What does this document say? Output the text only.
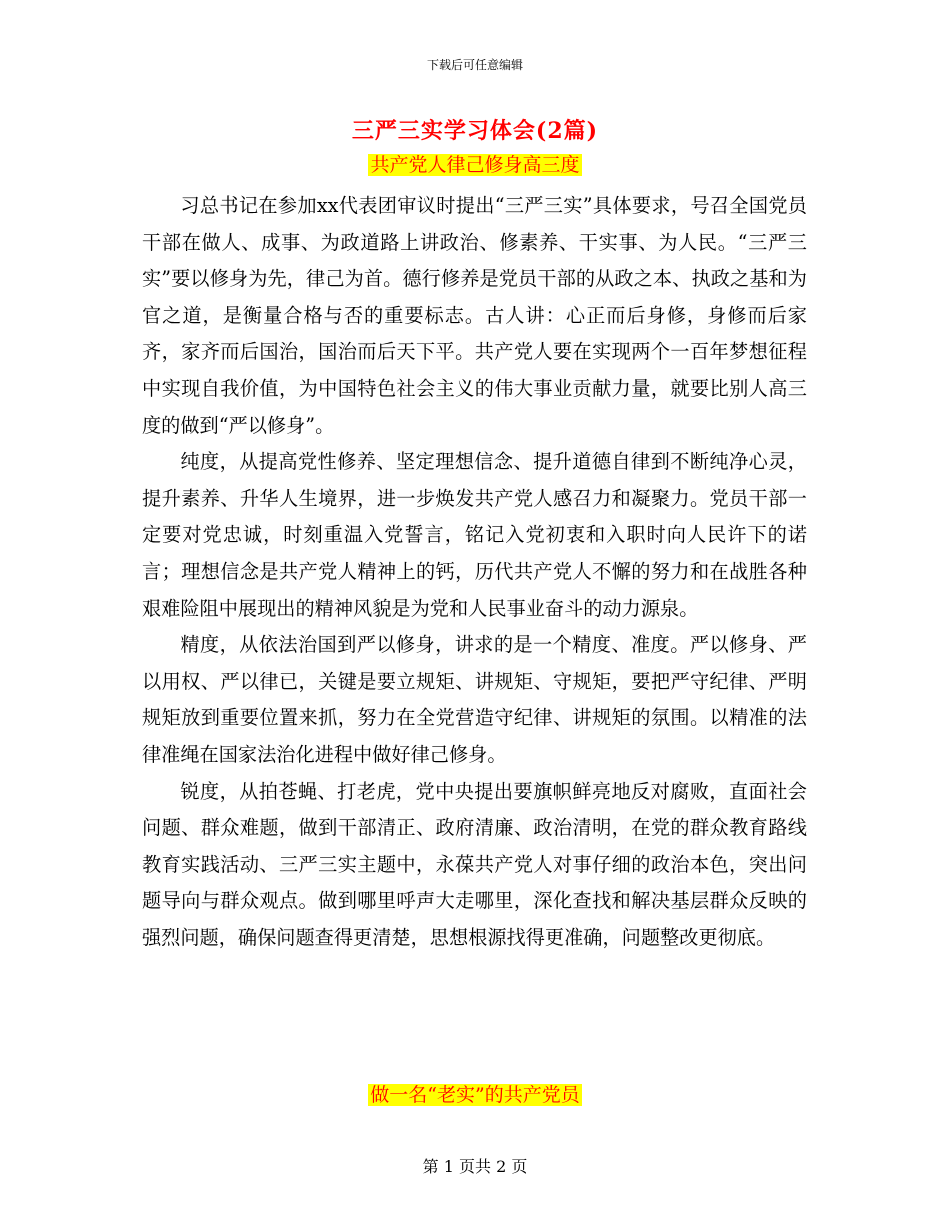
下载后可任意编辑
三严三实学习体会(2篇)
共产党人律己修身高三度

习总书记在参加xx代表团审议时提出“三严三实”具体要求，号召全国党员干部在做人、成事、为政道路上讲政治、修素养、干实事、为人民。“三严三实”要以修身为先，律己为首。德行修养是党员干部的从政之本、执政之基和为官之道，是衡量合格与否的重要标志。古人讲：心正而后身修，身修而后家齐，家齐而后国治，国治而后天下平。共产党人要在实现两个一百年梦想征程中实现自我价值，为中国特色社会主义的伟大事业贡献力量，就要比别人高三度的做到“严以修身”。

纯度，从提高党性修养、坚定理想信念、提升道德自律到不断纯净心灵，提升素养、升华人生境界，进一步焕发共产党人感召力和凝聚力。党员干部一定要对党忠诚，时刻重温入党誓言，铭记入党初衷和入职时向人民许下的诺言；理想信念是共产党人精神上的钙，历代共产党人不懈的努力和在战胜各种艰难险阻中展现出的精神风貌是为党和人民事业奋斗的动力源泉。

精度，从依法治国到严以修身，讲求的是一个精度、准度。严以修身、严以用权、严以律已，关键是要立规矩、讲规矩、守规矩，要把严守纪律、严明规矩放到重要位置来抓，努力在全党营造守纪律、讲规矩的氛围。以精准的法律准绳在国家法治化进程中做好律己修身。

锐度，从拍苍蝇、打老虎，党中央提出要旗帜鲜亮地反对腐败，直面社会问题、群众难题，做到干部清正、政府清廉、政治清明，在党的群众教育路线教育实践活动、三严三实主题中，永葆共产党人对事仔细的政治本色，突出问题导向与群众观点。做到哪里呼声大走哪里，深化查找和解决基层群众反映的强烈问题，确保问题查得更清楚，思想根源找得更准确，问题整改更彻底。

做一名“老实”的共产党员
第 1 页共 2 页
